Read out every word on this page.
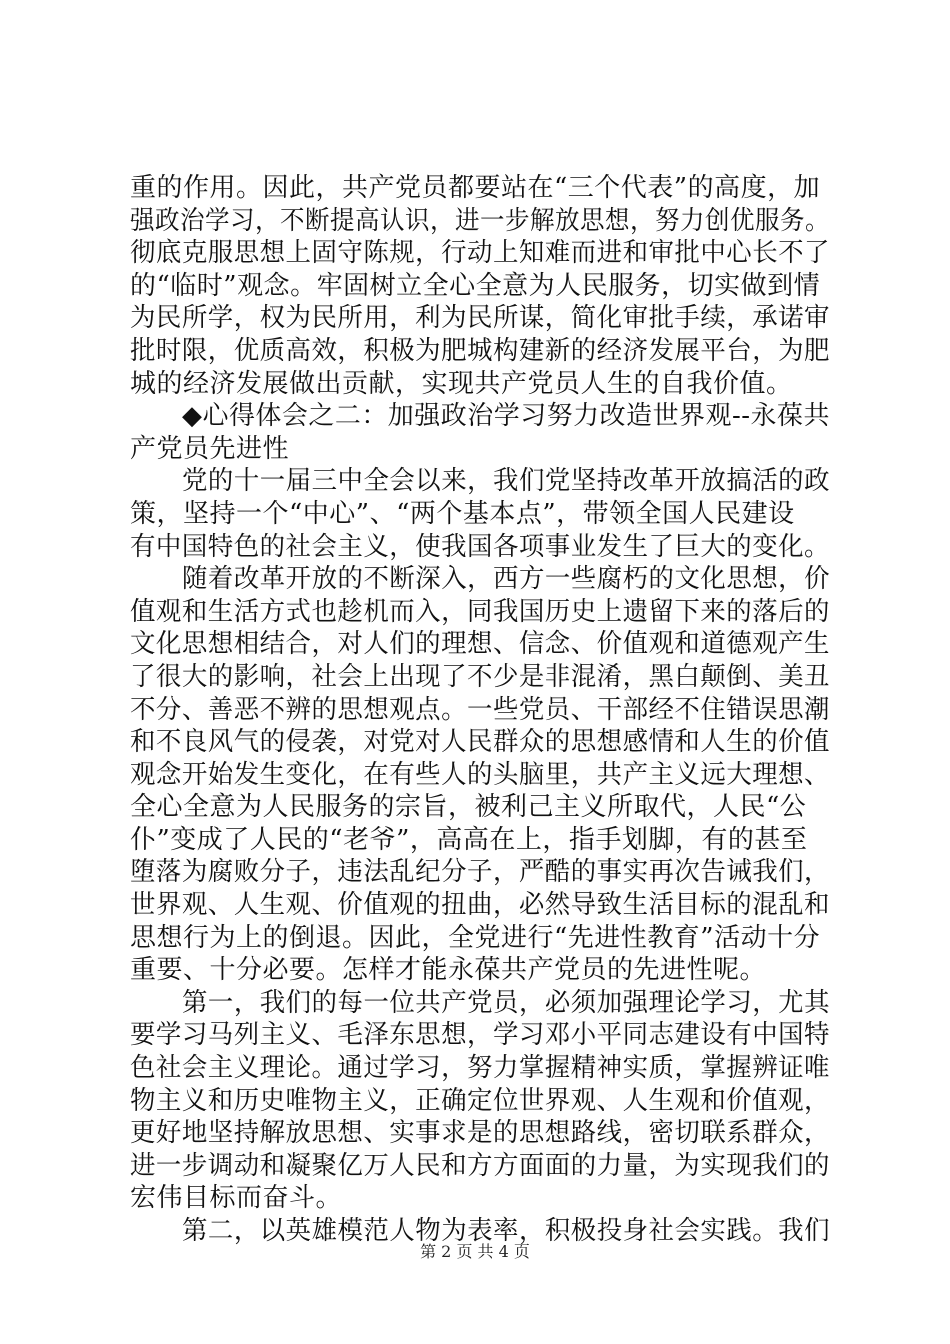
重的作用。因此，共产党员都要站在“三个代表”的高度，加
强政治学习，不断提高认识，进一步解放思想，努力创优服务。
彻底克服思想上固守陈规，行动上知难而进和审批中心长不了
的“临时”观念。牢固树立全心全意为人民服务，切实做到情
为民所学，权为民所用，利为民所谋，简化审批手续，承诺审
批时限，优质高效，积极为肥城构建新的经济发展平台，为肥
城的经济发展做出贡献，实现共产党员人生的自我价值。
◆心得体会之二：加强政治学习努力改造世界观--永葆共
产党员先进性
党的十一届三中全会以来，我们党坚持改革开放搞活的政
策，坚持一个“中心”、“两个基本点”，带领全国人民建设
有中国特色的社会主义，使我国各项事业发生了巨大的变化。
随着改革开放的不断深入，西方一些腐朽的文化思想，价
值观和生活方式也趁机而入，同我国历史上遗留下来的落后的
文化思想相结合，对人们的理想、信念、价值观和道德观产生
了很大的影响，社会上出现了不少是非混淆，黑白颠倒、美丑
不分、善恶不辨的思想观点。一些党员、干部经不住错误思潮
和不良风气的侵袭，对党对人民群众的思想感情和人生的价值
观念开始发生变化，在有些人的头脑里，共产主义远大理想、
全心全意为人民服务的宗旨，被利己主义所取代，人民“公
仆”变成了人民的“老爷”，高高在上，指手划脚，有的甚至
堕落为腐败分子，违法乱纪分子，严酷的事实再次告诫我们，
世界观、人生观、价值观的扭曲，必然导致生活目标的混乱和
思想行为上的倒退。因此，全党进行“先进性教育”活动十分
重要、十分必要。怎样才能永葆共产党员的先进性呢。
第一，我们的每一位共产党员，必须加强理论学习，尤其
要学习马列主义、毛泽东思想，学习邓小平同志建设有中国特
色社会主义理论。通过学习，努力掌握精神实质，掌握辨证唯
物主义和历史唯物主义，正确定位世界观、人生观和价值观，
更好地坚持解放思想、实事求是的思想路线，密切联系群众，
进一步调动和凝聚亿万人民和方方面面的力量，为实现我们的
宏伟目标而奋斗。
第二，以英雄模范人物为表率，积极投身社会实践。我们
第 2 页 共 4 页
